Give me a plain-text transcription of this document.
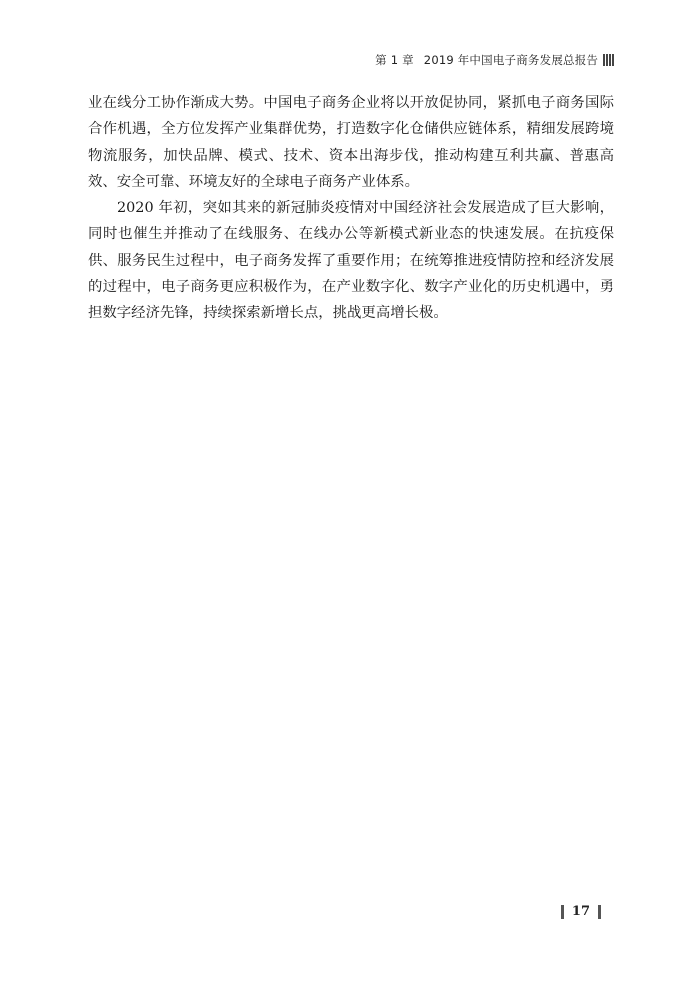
第 1 章 2019 年中国电子商务发展总报告

业在线分工协作渐成大势。中国电子商务企业将以开放促协同，紧抓电子商务国际合作机遇，全方位发挥产业集群优势，打造数字化仓储供应链体系，精细发展跨境物流服务，加快品牌、模式、技术、资本出海步伐，推动构建互利共赢、普惠高效、安全可靠、环境友好的全球电子商务产业体系。

2020 年初，突如其来的新冠肺炎疫情对中国经济社会发展造成了巨大影响，同时也催生并推动了在线服务、在线办公等新模式新业态的快速发展。在抗疫保供、服务民生过程中，电子商务发挥了重要作用；在统筹推进疫情防控和经济发展的过程中，电子商务更应积极作为，在产业数字化、数字产业化的历史机遇中，勇担数字经济先锋，持续探索新增长点，挑战更高增长极。

17
